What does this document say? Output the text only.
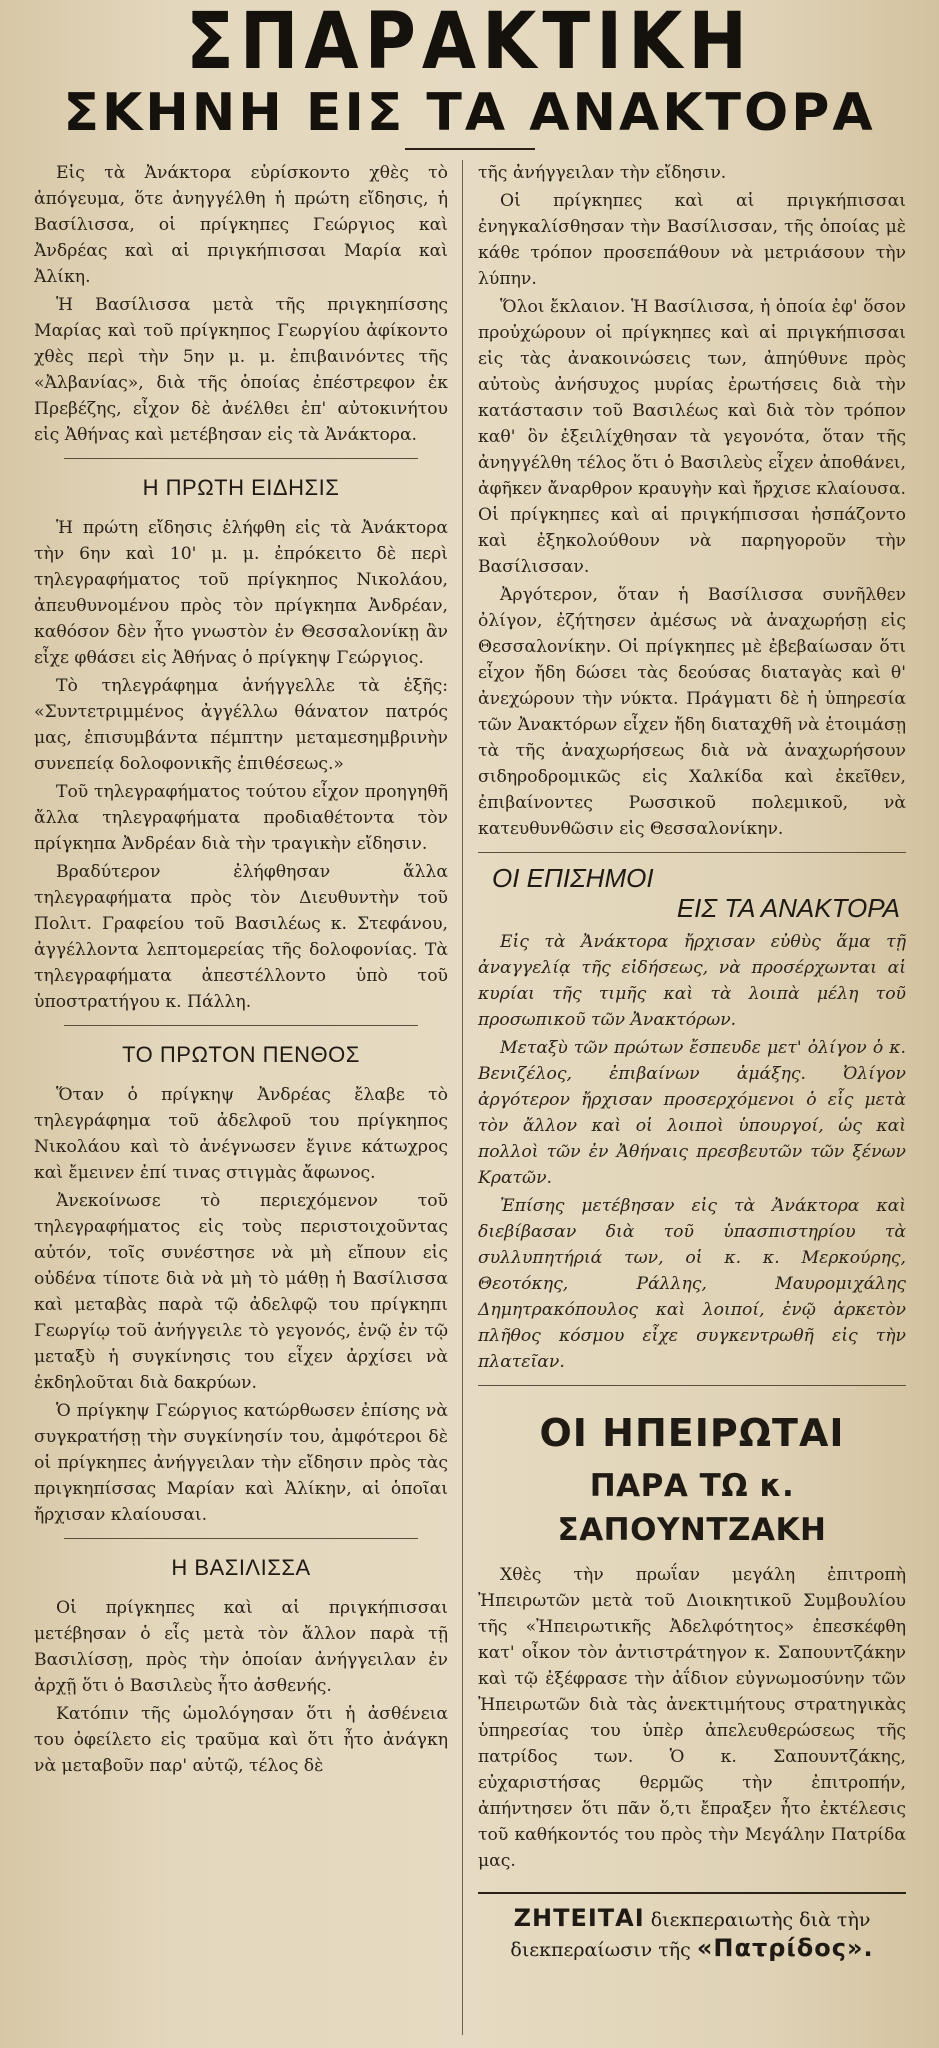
ΣΠΑΡΑΚΤΙΚΗ
ΣΚΗΝΗ ΕΙΣ ΤΑ ΑΝΑΚΤΟΡΑ

Εἰς τὰ Ἀνάκτορα εὑρίσκοντο χθὲς τὸ ἀπόγευμα, ὅτε ἀνηγγέλθη ἡ πρώτη εἴδησις, ἡ Βασίλισσα, οἱ πρίγκηπες Γεώργιος καὶ Ἀνδρέας καὶ αἱ πριγκήπισσαι Μαρία καὶ Ἀλίκη.

Ἡ Βασίλισσα μετὰ τῆς πριγκηπίσσης Μαρίας καὶ τοῦ πρίγκηπος Γεωργίου ἀφίκοντο χθὲς περὶ τὴν 5ην μ. μ. ἐπιβαινόντες τῆς «Ἀλβανίας», διὰ τῆς ὁποίας ἐπέστρεφον ἐκ Πρεβέζης, εἶχον δὲ ἀνέλθει ἐπ' αὐτοκινήτου εἰς Ἀθήνας καὶ μετέβησαν εἰς τὰ Ἀνάκτορα.

Η ΠΡΩΤΗ ΕΙΔΗΣΙΣ

Ἡ πρώτη εἴδησις ἐλήφθη εἰς τὰ Ἀνάκτορα τὴν 6ην καὶ 10' μ. μ. ἐπρόκειτο δὲ περὶ τηλεγραφήματος τοῦ πρίγκηπος Νικολάου, ἀπευθυνομένου πρὸς τὸν πρίγκηπα Ἀνδρέαν, καθόσον δὲν ἦτο γνωστὸν ἐν Θεσσαλονίκῃ ἂν εἶχε φθάσει εἰς Ἀθήνας ὁ πρίγκηψ Γεώργιος.

Τὸ τηλεγράφημα ἀνήγγελλε τὰ ἑξῆς: «Συντετριμμένος ἀγγέλλω θάνατον πατρός μας, ἐπισυμβάντα πέμπτην μεταμεσημβρινὴν συνεπείᾳ δολοφονικῆς ἐπιθέσεως.»

Τοῦ τηλεγραφήματος τούτου εἶχον προηγηθῆ ἄλλα τηλεγραφήματα προδιαθέτοντα τὸν πρίγκηπα Ἀνδρέαν διὰ τὴν τραγικὴν εἴδησιν.

Βραδύτερον ἐλήφθησαν ἄλλα τηλεγραφήματα πρὸς τὸν Διευθυντὴν τοῦ Πολιτ. Γραφείου τοῦ Βασιλέως κ. Στεφάνου, ἀγγέλλοντα λεπτομερείας τῆς δολοφονίας. Τὰ τηλεγραφήματα ἀπεστέλλοντο ὑπὸ τοῦ ὑποστρατήγου κ. Πάλλη.

ΤΟ ΠΡΩΤΟΝ ΠΕΝΘΟΣ

Ὅταν ὁ πρίγκηψ Ἀνδρέας ἔλαβε τὸ τηλεγράφημα τοῦ ἀδελφοῦ του πρίγκηπος Νικολάου καὶ τὸ ἀνέγνωσεν ἔγινε κάτωχρος καὶ ἔμεινεν ἐπί τινας στιγμὰς ἄφωνος.

Ἀνεκοίνωσε τὸ περιεχόμενον τοῦ τηλεγραφήματος εἰς τοὺς περιστοιχοῦντας αὐτόν, τοῖς συνέστησε νὰ μὴ εἴπουν εἰς οὐδένα τίποτε διὰ νὰ μὴ τὸ μάθῃ ἡ Βασίλισσα καὶ μεταβὰς παρὰ τῷ ἀδελφῷ του πρίγκηπι Γεωργίῳ τοῦ ἀνήγγειλε τὸ γεγονός, ἐνῷ ἐν τῷ μεταξὺ ἡ συγκίνησις του εἶχεν ἀρχίσει νὰ ἐκδηλοῦται διὰ δακρύων.

Ὁ πρίγκηψ Γεώργιος κατώρθωσεν ἐπίσης νὰ συγκρατήσῃ τὴν συγκίνησίν του, ἀμφότεροι δὲ οἱ πρίγκηπες ἀνήγγειλαν τὴν εἴδησιν πρὸς τὰς πριγκηπίσσας Μαρίαν καὶ Ἀλίκην, αἱ ὁποῖαι ἤρχισαν κλαίουσαι.

Η ΒΑΣΙΛΙΣΣΑ

Οἱ πρίγκηπες καὶ αἱ πριγκήπισσαι μετέβησαν ὁ εἷς μετὰ τὸν ἄλλον παρὰ τῇ Βασιλίσσῃ, πρὸς τὴν ὁποίαν ἀνήγγειλαν ἐν ἀρχῇ ὅτι ὁ Βασιλεὺς ἦτο ἀσθενής.

Κατόπιν τῆς ὡμολόγησαν ὅτι ἡ ἀσθένεια του ὀφείλετο εἰς τραῦμα καὶ ὅτι ἦτο ἀνάγκη νὰ μεταβοῦν παρ' αὐτῷ, τέλος δὲ

τῆς ἀνήγγειλαν τὴν εἴδησιν.

Οἱ πρίγκηπες καὶ αἱ πριγκήπισσαι ἐνηγκαλίσθησαν τὴν Βασίλισσαν, τῆς ὁποίας μὲ κάθε τρόπον προσεπάθουν νὰ μετριάσουν τὴν λύπην.

Ὅλοι ἔκλαιον. Ἡ Βασίλισσα, ἡ ὁποία ἐφ' ὅσον προὐχώρουν οἱ πρίγκηπες καὶ αἱ πριγκήπισσαι εἰς τὰς ἀνακοινώσεις των, ἀπηύθυνε πρὸς αὐτοὺς ἀνήσυχος μυρίας ἐρωτήσεις διὰ τὴν κατάστασιν τοῦ Βασιλέως καὶ διὰ τὸν τρόπον καθ' ὃν ἐξειλίχθησαν τὰ γεγονότα, ὅταν τῆς ἀνηγγέλθη τέλος ὅτι ὁ Βασιλεὺς εἶχεν ἀποθάνει, ἀφῆκεν ἄναρθρον κραυγὴν καὶ ἤρχισε κλαίουσα. Οἱ πρίγκηπες καὶ αἱ πριγκήπισσαι ἠσπάζοντο καὶ ἐξηκολούθουν νὰ παρηγοροῦν τὴν Βασίλισσαν.

Ἀργότερον, ὅταν ἡ Βασίλισσα συνῆλθεν ὀλίγον, ἐζήτησεν ἀμέσως νὰ ἀναχωρήσῃ εἰς Θεσσαλονίκην. Οἱ πρίγκηπες μὲ ἐβεβαίωσαν ὅτι εἶχον ἤδη δώσει τὰς δεούσας διαταγὰς καὶ θ' ἀνεχώρουν τὴν νύκτα. Πράγματι δὲ ἡ ὑπηρεσία τῶν Ἀνακτόρων εἶχεν ἤδη διαταχθῆ νὰ ἑτοιμάσῃ τὰ τῆς ἀναχωρήσεως διὰ νὰ ἀναχωρήσουν σιδηροδρομικῶς εἰς Χαλκίδα καὶ ἐκεῖθεν, ἐπιβαίνοντες Ρωσσικοῦ πολεμικοῦ, νὰ κατευθυνθῶσιν εἰς Θεσσαλονίκην.

ΟΙ ΕΠΙΣΗΜΟΙ
ΕΙΣ ΤΑ ΑΝΑΚΤΟΡΑ

Εἰς τὰ Ἀνάκτορα ἤρχισαν εὐθὺς ἅμα τῇ ἀναγγελίᾳ τῆς εἰδήσεως, νὰ προσέρχωνται αἱ κυρίαι τῆς τιμῆς καὶ τὰ λοιπὰ μέλη τοῦ προσωπικοῦ τῶν Ἀνακτόρων.

Μεταξὺ τῶν πρώτων ἔσπευδε μετ' ὀλίγον ὁ κ. Βενιζέλος, ἐπιβαίνων ἁμάξης. Ὀλίγον ἀργότερον ἤρχισαν προσερχόμενοι ὁ εἷς μετὰ τὸν ἄλλον καὶ οἱ λοιποὶ ὑπουργοί, ὡς καὶ πολλοὶ τῶν ἐν Ἀθήναις πρεσβευτῶν τῶν ξένων Κρατῶν.

Ἐπίσης μετέβησαν εἰς τὰ Ἀνάκτορα καὶ διεβίβασαν διὰ τοῦ ὑπασπιστηρίου τὰ συλλυπητήριά των, οἱ κ. κ. Μερκούρης, Θεοτόκης, Ράλλης, Μαυρομιχάλης Δημητρακόπουλος καὶ λοιποί, ἐνῷ ἀρκετὸν πλῆθος κόσμου εἶχε συγκεντρωθῆ εἰς τὴν πλατεῖαν.

ΟΙ ΗΠΕΙΡΩΤΑΙ
ΠΑΡΑ ΤΩ κ. ΣΑΠΟΥΝΤΖΑΚΗ

Χθὲς τὴν πρωΐαν μεγάλη ἐπιτροπὴ Ἠπειρωτῶν μετὰ τοῦ Διοικητικοῦ Συμβουλίου τῆς «Ἠπειρωτικῆς Ἀδελφότητος» ἐπεσκέφθη κατ' οἶκον τὸν ἀντιστράτηγον κ. Σαπουντζάκην καὶ τῷ ἐξέφρασε τὴν ἀΐδιον εὐγνωμοσύνην τῶν Ἠπειρωτῶν διὰ τὰς ἀνεκτιμήτους στρατηγικὰς ὑπηρεσίας του ὑπὲρ ἀπελευθερώσεως τῆς πατρίδος των. Ὁ κ. Σαπουντζάκης, εὐχαριστήσας θερμῶς τὴν ἐπιτροπήν, ἀπήντησεν ὅτι πᾶν ὅ,τι ἔπραξεν ἦτο ἐκτέλεσις τοῦ καθήκοντός του πρὸς τὴν Μεγάλην Πατρίδα μας.

ΖΗΤΕΙΤΑΙ διεκπεραιωτὴς διὰ τὴν διεκπεραίωσιν τῆς «Πατρίδος».
